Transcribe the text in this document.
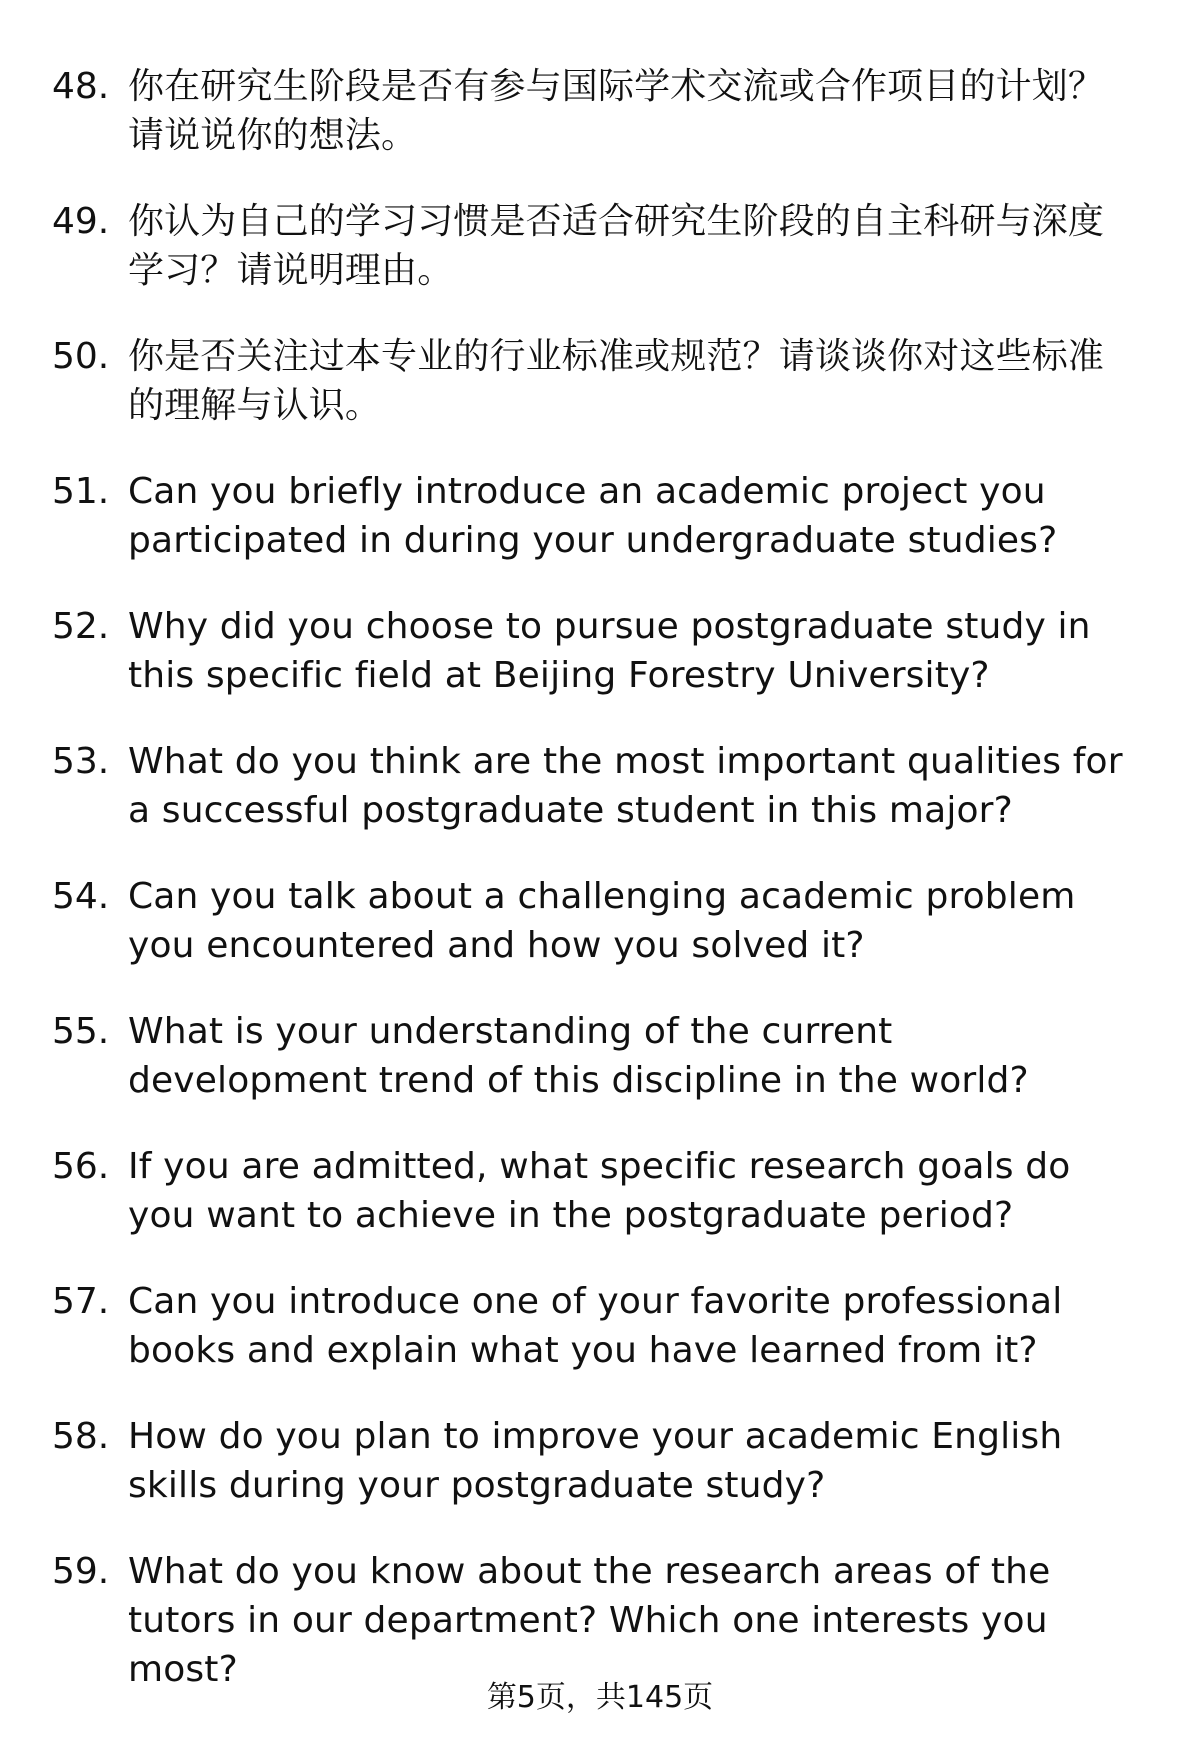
48. 你在研究生阶段是否有参与国际学术交流或合作项目的计划？请说说你的想法。
49. 你认为自己的学习习惯是否适合研究生阶段的自主科研与深度学习？请说明理由。
50. 你是否关注过本专业的行业标准或规范？请谈谈你对这些标准的理解与认识。
51. Can you briefly introduce an academic project you participated in during your undergraduate studies?
52. Why did you choose to pursue postgraduate study in this specific field at Beijing Forestry University?
53. What do you think are the most important qualities for a successful postgraduate student in this major?
54. Can you talk about a challenging academic problem you encountered and how you solved it?
55. What is your understanding of the current development trend of this discipline in the world?
56. If you are admitted, what specific research goals do you want to achieve in the postgraduate period?
57. Can you introduce one of your favorite professional books and explain what you have learned from it?
58. How do you plan to improve your academic English skills during your postgraduate study?
59. What do you know about the research areas of the tutors in our department? Which one interests you most?
第5页，共145页
